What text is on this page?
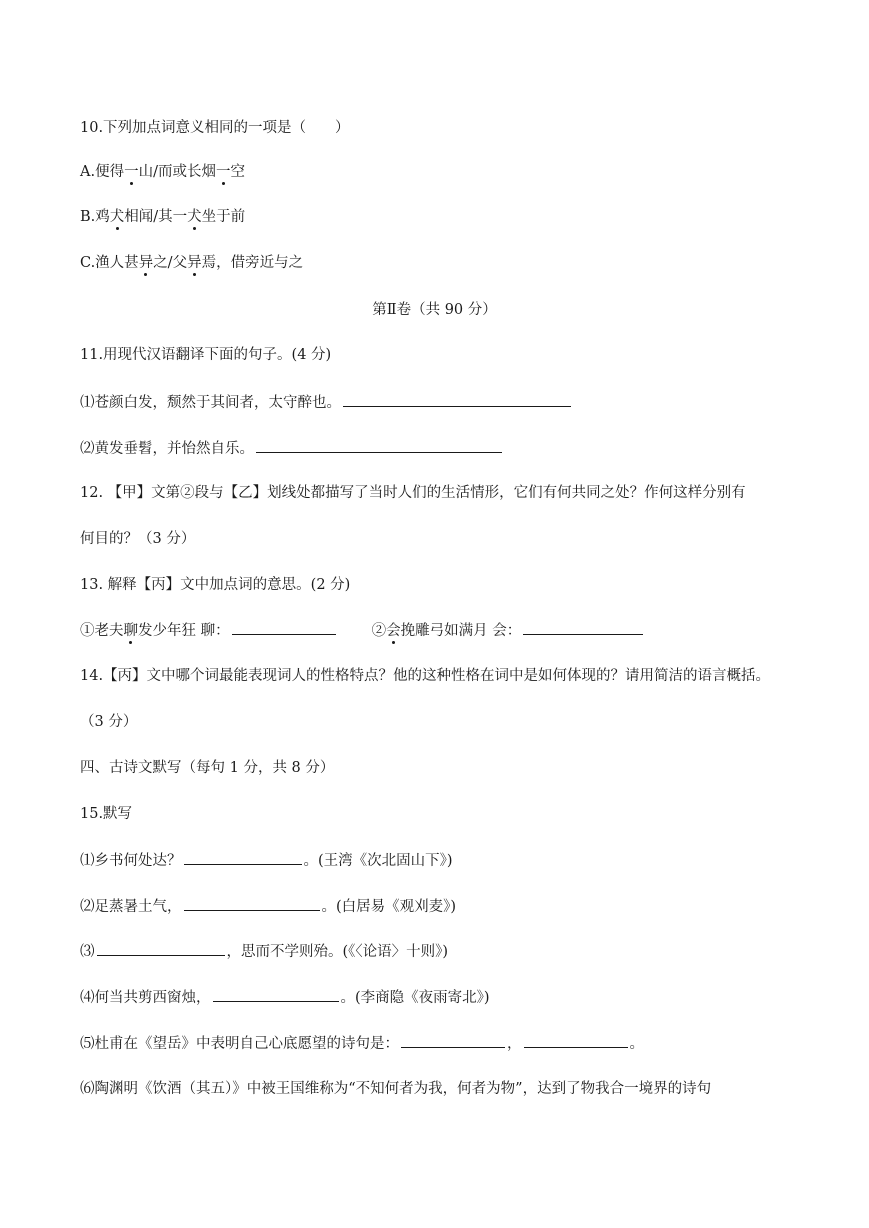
10.下列加点词意义相同的一项是（　　）
A.便得一山/而或长烟一空
B.鸡犬相闻/其一犬坐于前
C.渔人甚异之/父异焉，借旁近与之
第Ⅱ卷（共 90 分）
11.用现代汉语翻译下面的句子。(4 分)
⑴苍颜白发，颓然于其间者，太守醉也。
⑵黄发垂髫，并怡然自乐。
12. 【甲】文第②段与【乙】划线处都描写了当时人们的生活情形，它们有何共同之处？作何这样分别有
何目的？（3 分）
13. 解释【丙】文中加点词的意思。(2 分)
①老夫聊发少年狂 聊：	②会挽雕弓如满月 会：
14.【丙】文中哪个词最能表现词人的性格特点？他的这种性格在词中是如何体现的？请用简洁的语言概括。
（3 分）
四、古诗文默写（每句 1 分，共 8 分）
15.默写
⑴乡书何处达？	。(王湾《次北固山下》)
⑵足蒸暑土气，	。(白居易《观刈麦》)
⑶	，思而不学则殆。(《〈论语〉十则》)
⑷何当共剪西窗烛，	。(李商隐《夜雨寄北》)
⑸杜甫在《望岳》中表明自己心底愿望的诗句是：	，	。
⑹陶渊明《饮酒（其五）》中被王国维称为“不知何者为我，何者为物”，达到了物我合一境界的诗句
